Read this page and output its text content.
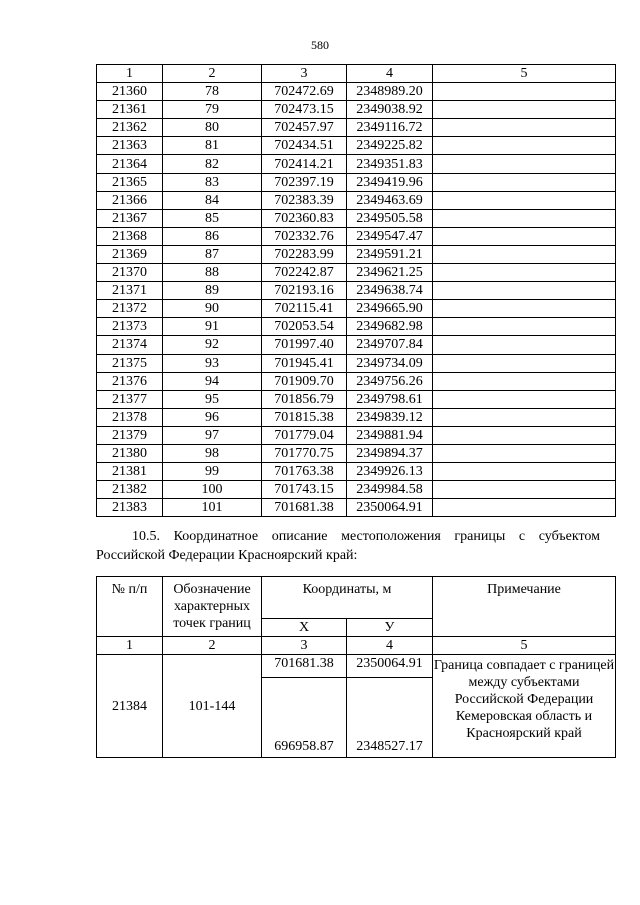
580
1	2	3	4	5
21360	78	702472.69	2348989.20	
21361	79	702473.15	2349038.92	
21362	80	702457.97	2349116.72	
21363	81	702434.51	2349225.82	
21364	82	702414.21	2349351.83	
21365	83	702397.19	2349419.96	
21366	84	702383.39	2349463.69	
21367	85	702360.83	2349505.58	
21368	86	702332.76	2349547.47	
21369	87	702283.99	2349591.21	
21370	88	702242.87	2349621.25	
21371	89	702193.16	2349638.74	
21372	90	702115.41	2349665.90	
21373	91	702053.54	2349682.98	
21374	92	701997.40	2349707.84	
21375	93	701945.41	2349734.09	
21376	94	701909.70	2349756.26	
21377	95	701856.79	2349798.61	
21378	96	701815.38	2349839.12	
21379	97	701779.04	2349881.94	
21380	98	701770.75	2349894.37	
21381	99	701763.38	2349926.13	
21382	100	701743.15	2349984.58	
21383	101	701681.38	2350064.91	
10.5. Координатное описание местоположения границы с субъектом
Российской Федерации Красноярский край:
№ п/п	Обозначение характерных точек границ	Координаты, м		Примечание
		Х	У	
1	2	3	4	5
21384	101-144	701681.38	2350064.91	Граница совпадает с границей между субъектами Российской Федерации Кемеровская область и Красноярский край
		696958.87	2348527.17	
